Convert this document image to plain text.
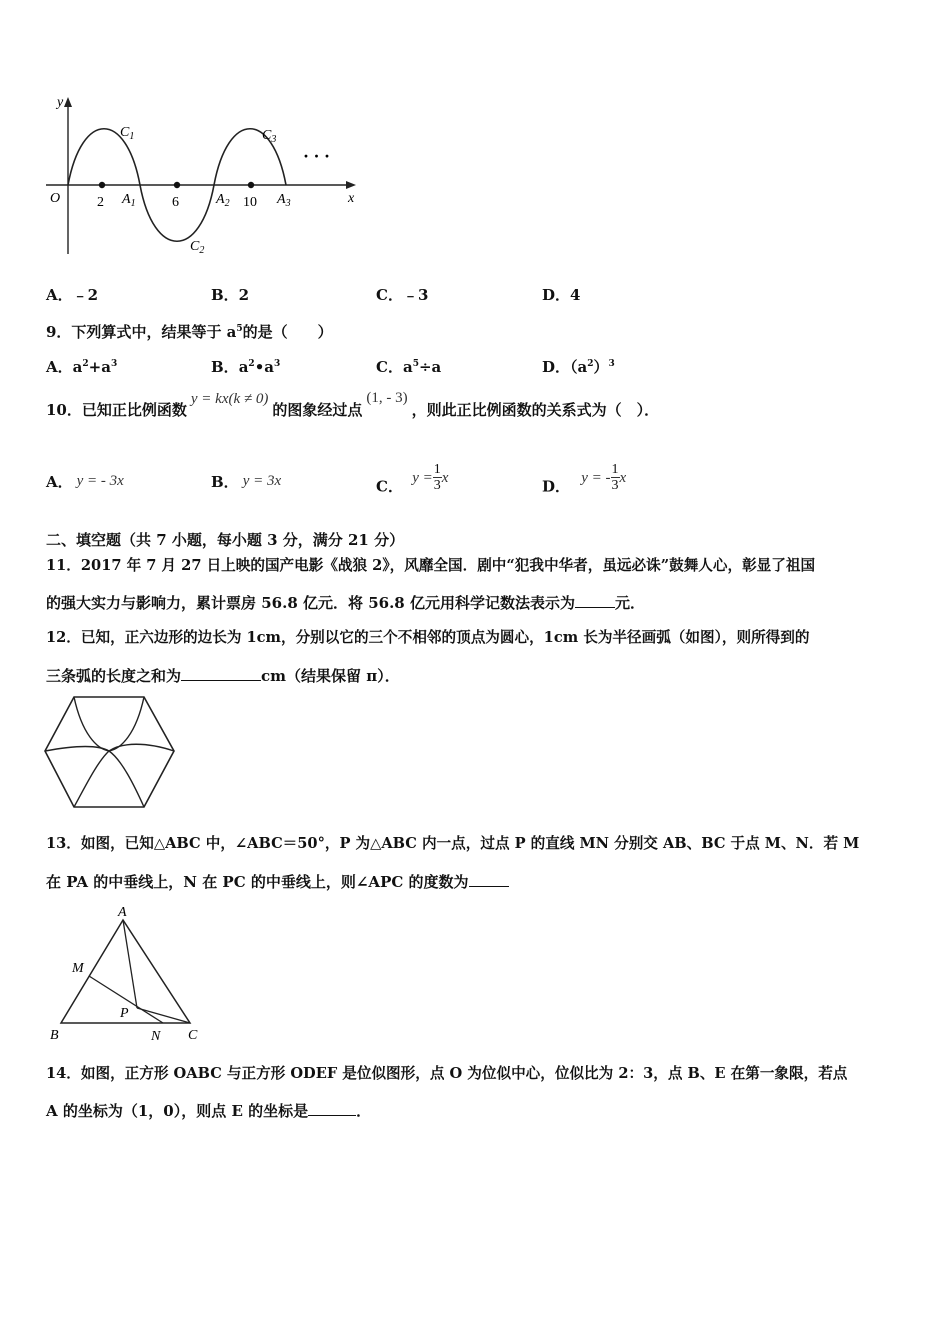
y
x
O	2	6	10
$A_1$	$A_2$	$A_3$
$C_1$
$C_2$
$C_3$
· · ·
A．﹣2	B．2	C．﹣3	D．4
9．下列算式中，结果等于 $a^5$的是（　　）
A．$a^2+a^3$	B．$a^2•a^3$	C．$a^5\div a$	D．$(a^2)^3$
10．已知正比例函数y = kx(k ≠ 0)的图象经过点(1, - 3)，则此正比例函数的关系式为（　）．
A． y = - 3x	B． y = 3x	C． $y = \frac{1}{3}$ x	D． y = - $\frac{1}{3}$ x
二、填空题（共 7 小题，每小题 3 分，满分 21 分）
11．2017 年 7 月 27 日上映的国产电影《战狼 2》，风靡全国．剧中“犯我中华者，虽远必诛”鼓舞人心，彰显了祖国
的强大实力与影响力，累计票房 56.8 亿元．将 56.8 亿元用科学记数法表示为	元．
12．已知，正六边形的边长为 1cm，分别以它的三个不相邻的顶点为圆心，1cm 长为半径画弧（如图），则所得到的
三条弧的长度之和为	cm（结果保留 π）．
13．如图，已知△ABC 中，∠ABC＝50°，P 为△ABC 内一点，过点 P 的直线 MN 分别交 AB、BC 于点 M、N．若 M
在 PA 的中垂线上，N 在 PC 的中垂线上，则∠APC 的度数为
A
M
P
B	N C
14．如图，正方形 OABC 与正方形 ODEF 是位似图形，点 O 为位似中心，位似比为 2：3，点 B、E 在第一象限，若点
A 的坐标为（1，0），则点 E 的坐标是	．
